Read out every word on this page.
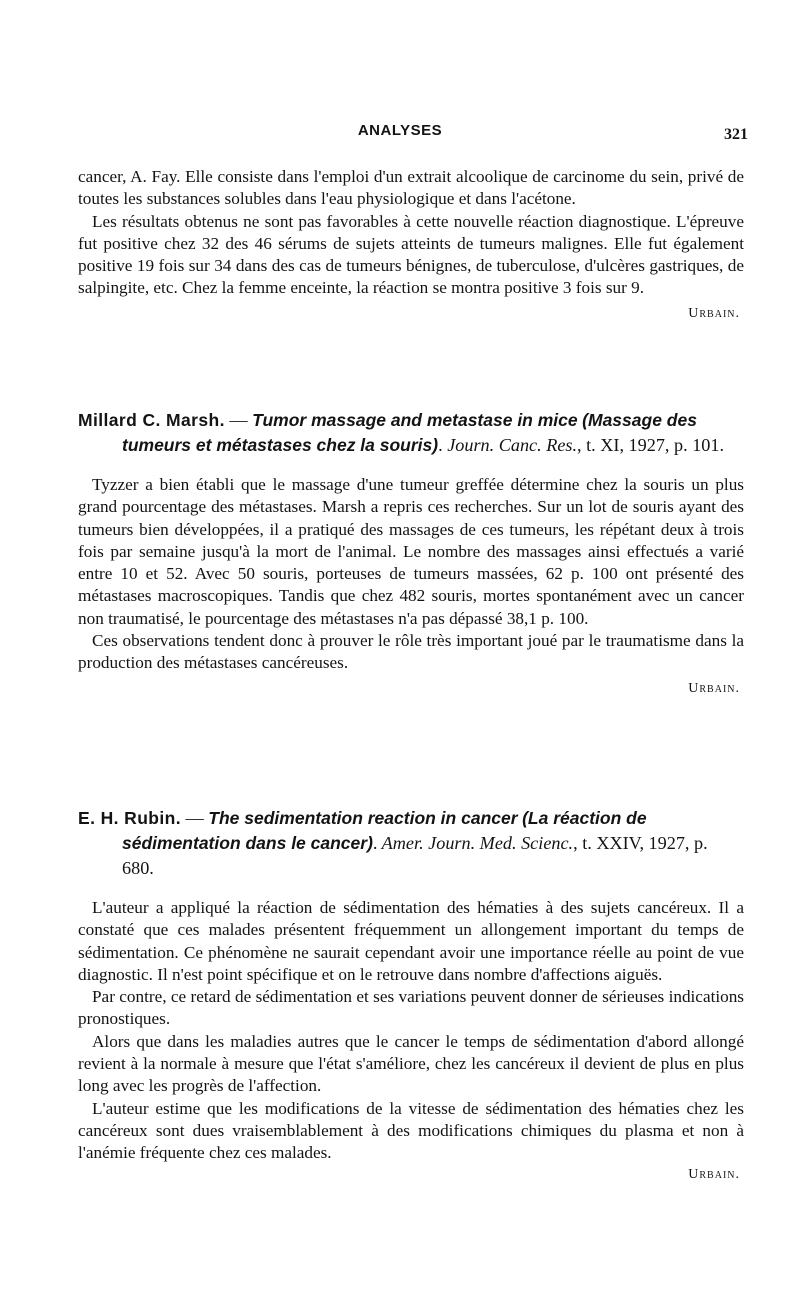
ANALYSES	321

cancer, A. Fay. Elle consiste dans l'emploi d'un extrait alcoolique de carcinome du sein, privé de toutes les substances solubles dans l'eau physiologique et dans l'acétone.

Les résultats obtenus ne sont pas favorables à cette nouvelle réaction diagnostique. L'épreuve fut positive chez 32 des 46 sérums de sujets atteints de tumeurs malignes. Elle fut également positive 19 fois sur 34 dans des cas de tumeurs bénignes, de tuberculose, d'ulcères gastriques, de salpingite, etc. Chez la femme enceinte, la réaction se montra positive 3 fois sur 9.

Urbain.

Millard C. Marsh. — Tumor massage and metastase in mice (Massage des tumeurs et métastases chez la souris). Journ. Canc. Res., t. XI, 1927, p. 101.

Tyzzer a bien établi que le massage d'une tumeur greffée détermine chez la souris un plus grand pourcentage des métastases. Marsh a repris ces recherches. Sur un lot de souris ayant des tumeurs bien développées, il a pratiqué des massages de ces tumeurs, les répétant deux à trois fois par semaine jusqu'à la mort de l'animal. Le nombre des massages ainsi effectués a varié entre 10 et 52. Avec 50 souris, porteuses de tumeurs massées, 62 p. 100 ont présenté des métastases macroscopiques. Tandis que chez 482 souris, mortes spontanément avec un cancer non traumatisé, le pourcentage des métastases n'a pas dépassé 38,1 p. 100.

Ces observations tendent donc à prouver le rôle très important joué par le traumatisme dans la production des métastases cancéreuses.

Urbain.

E. H. Rubin. — The sedimentation reaction in cancer (La réaction de sédimentation dans le cancer). Amer. Journ. Med. Scienc., t. XXIV, 1927, p. 680.

L'auteur a appliqué la réaction de sédimentation des hématies à des sujets cancéreux. Il a constaté que ces malades présentent fréquemment un allongement important du temps de sédimentation. Ce phénomène ne saurait cependant avoir une importance réelle au point de vue diagnostic. Il n'est point spécifique et on le retrouve dans nombre d'affections aiguës.

Par contre, ce retard de sédimentation et ses variations peuvent donner de sérieuses indications pronostiques.

Alors que dans les maladies autres que le cancer le temps de sédimentation d'abord allongé revient à la normale à mesure que l'état s'améliore, chez les cancéreux il devient de plus en plus long avec les progrès de l'affection.

L'auteur estime que les modifications de la vitesse de sédimentation des hématies chez les cancéreux sont dues vraisemblablement à des modifications chimiques du plasma et non à l'anémie fréquente chez ces malades.

Urbain.
